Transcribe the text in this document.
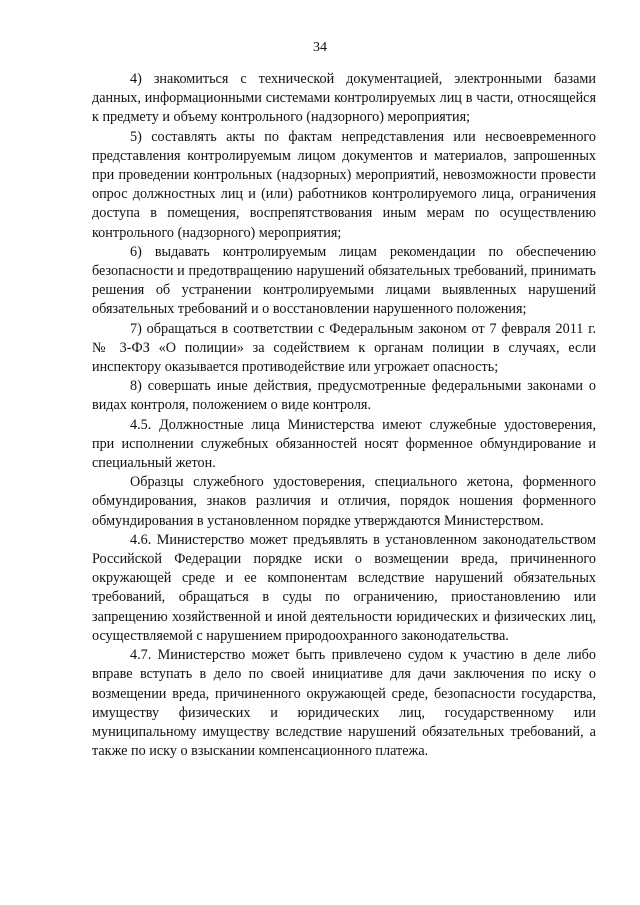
34

4) знакомиться с технической документацией, электронными базами данных, информационными системами контролируемых лиц в части, относящейся к предмету и объему контрольного (надзорного) мероприятия;

5) составлять акты по фактам непредставления или несвоевременного представления контролируемым лицом документов и материалов, запрошенных при проведении контрольных (надзорных) мероприятий, невозможности провести опрос должностных лиц и (или) работников контролируемого лица, ограничения доступа в помещения, воспрепятствования иным мерам по осуществлению контрольного (надзорного) мероприятия;

6) выдавать контролируемым лицам рекомендации по обеспечению безопасности и предотвращению нарушений обязательных требований, принимать решения об устранении контролируемыми лицами выявленных нарушений обязательных требований и о восстановлении нарушенного положения;

7) обращаться в соответствии с Федеральным законом от 7 февраля 2011 г. № 3-ФЗ «О полиции» за содействием к органам полиции в случаях, если инспектору оказывается противодействие или угрожает опасность;

8) совершать иные действия, предусмотренные федеральными законами о видах контроля, положением о виде контроля.

4.5. Должностные лица Министерства имеют служебные удостоверения, при исполнении служебных обязанностей носят форменное обмундирование и специальный жетон.

Образцы служебного удостоверения, специального жетона, форменного обмундирования, знаков различия и отличия, порядок ношения форменного обмундирования в установленном порядке утверждаются Министерством.

4.6. Министерство может предъявлять в установленном законодательством Российской Федерации порядке иски о возмещении вреда, причиненного окружающей среде и ее компонентам вследствие нарушений обязательных требований, обращаться в суды по ограничению, приостановлению или запрещению хозяйственной и иной деятельности юридических и физических лиц, осуществляемой с нарушением природоохранного законодательства.

4.7. Министерство может быть привлечено судом к участию в деле либо вправе вступать в дело по своей инициативе для дачи заключения по иску о возмещении вреда, причиненного окружающей среде, безопасности государства, имуществу физических и юридических лиц, государственному или муниципальному имуществу вследствие нарушений обязательных требований, а также по иску о взыскании компенсационного платежа.
